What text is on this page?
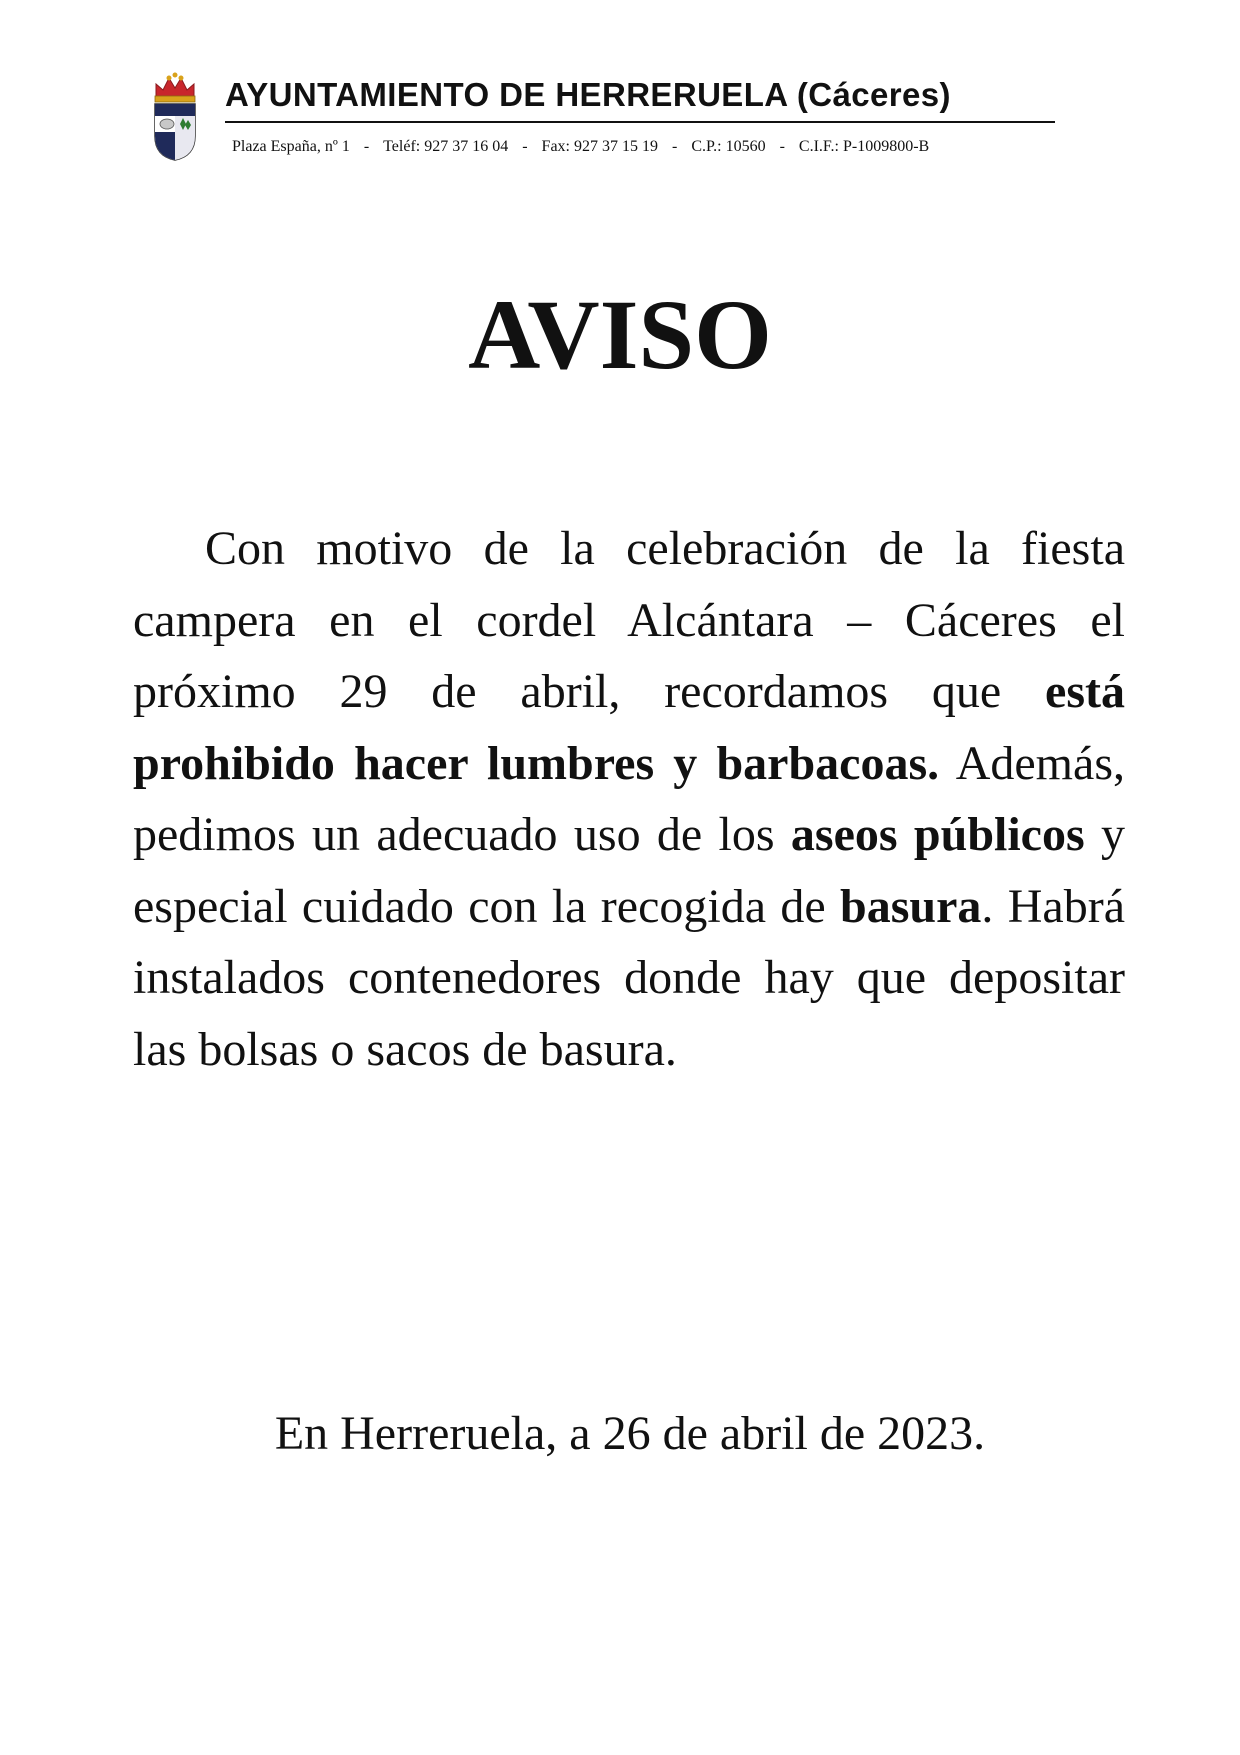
AYUNTAMIENTO DE HERRERUELA (Cáceres)
Plaza España, nº 1 - Teléf: 927 37 16 04 - Fax: 927 37 15 19 - C.P.: 10560 - C.I.F.: P-1009800-B
AVISO

Con motivo de la celebración de la fiesta campera en el cordel Alcántara – Cáceres el próximo 29 de abril, recordamos que está prohibido hacer lumbres y barbacoas. Además, pedimos un adecuado uso de los aseos públicos y especial cuidado con la recogida de basura. Habrá instalados contenedores donde hay que depositar las bolsas o sacos de basura.

En Herreruela, a 26 de abril de 2023.
